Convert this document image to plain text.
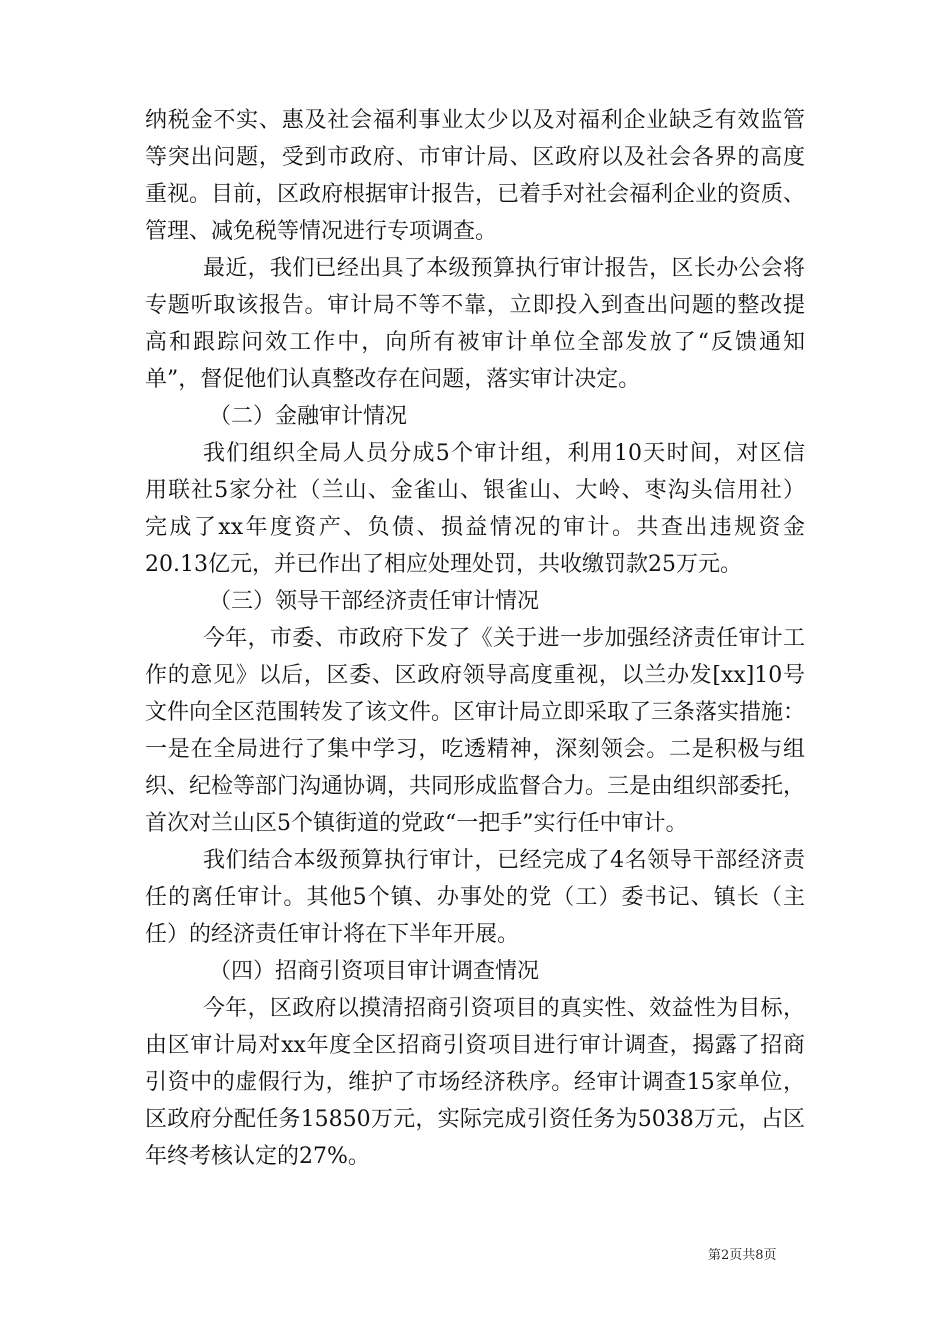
纳税金不实、惠及社会福利事业太少以及对福利企业缺乏有效监管
等突出问题，受到市政府、市审计局、区政府以及社会各界的高度
重视。目前，区政府根据审计报告，已着手对社会福利企业的资质、
管理、减免税等情况进行专项调查。
最近，我们已经出具了本级预算执行审计报告，区长办公会将
专题听取该报告。审计局不等不靠，立即投入到查出问题的整改提
高和跟踪问效工作中，向所有被审计单位全部发放了“反馈通知
单”，督促他们认真整改存在问题，落实审计决定。
（二）金融审计情况
我们组织全局人员分成5个审计组，利用10天时间，对区信
用联社5家分社（兰山、金雀山、银雀山、大岭、枣沟头信用社）
完成了xx年度资产、负债、损益情况的审计。共查出违规资金
20.13亿元，并已作出了相应处理处罚，共收缴罚款25万元。
（三）领导干部经济责任审计情况
今年，市委、市政府下发了《关于进一步加强经济责任审计工
作的意见》以后，区委、区政府领导高度重视，以兰办发[xx]10号
文件向全区范围转发了该文件。区审计局立即采取了三条落实措施：
一是在全局进行了集中学习，吃透精神，深刻领会。二是积极与组
织、纪检等部门沟通协调，共同形成监督合力。三是由组织部委托，
首次对兰山区5个镇街道的党政“一把手”实行任中审计。
我们结合本级预算执行审计，已经完成了4名领导干部经济责
任的离任审计。其他5个镇、办事处的党（工）委书记、镇长（主
任）的经济责任审计将在下半年开展。
（四）招商引资项目审计调查情况
今年，区政府以摸清招商引资项目的真实性、效益性为目标，
由区审计局对xx年度全区招商引资项目进行审计调查，揭露了招商
引资中的虚假行为，维护了市场经济秩序。经审计调查15家单位，
区政府分配任务15850万元，实际完成引资任务为5038万元，占区
年终考核认定的27%。
第2页共8页
